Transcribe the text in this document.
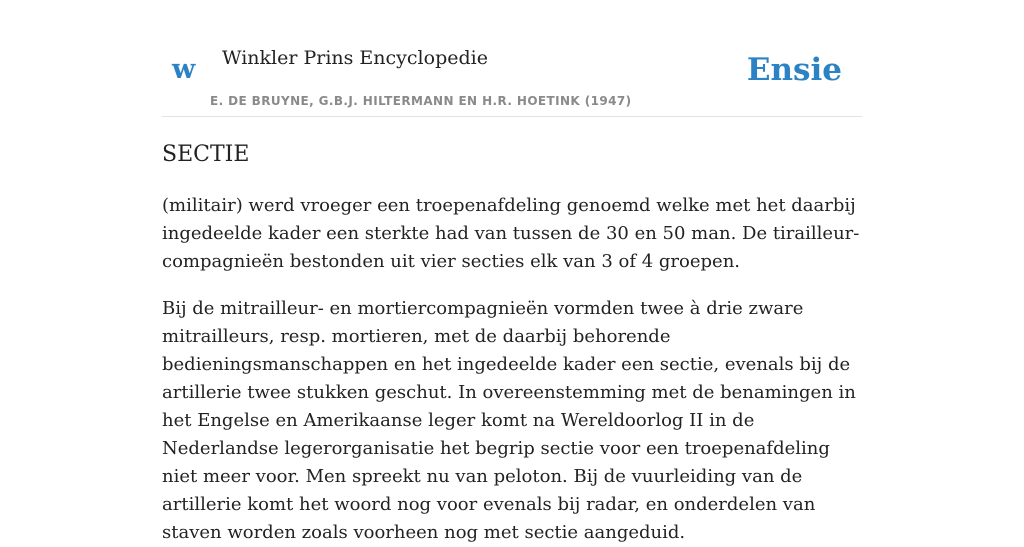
w Winkler Prins Encyclopedie
E. DE BRUYNE, G.B.J. HILTERMANN EN H.R. HOETINK (1947)
Ensie
SECTIE

(militair) werd vroeger een troepenafdeling genoemd welke met het daarbij ingedeelde kader een sterkte had van tussen de 30 en 50 man. De tirailleur-compagnieën bestonden uit vier secties elk van 3 of 4 groepen.

Bij de mitrailleur- en mortiercompagnieën vormden twee à drie zware mitrailleurs, resp. mortieren, met de daarbij behorende bedieningsmanschappen en het ingedeelde kader een sectie, evenals bij de artillerie twee stukken geschut. In overeenstemming met de benamingen in het Engelse en Amerikaanse leger komt na Wereldoorlog II in de Nederlandse legerorganisatie het begrip sectie voor een troepenafdeling niet meer voor. Men spreekt nu van peloton. Bij de vuurleiding van de artillerie komt het woord nog voor evenals bij radar, en onderdelen van staven worden zoals voorheen nog met sectie aangeduid.
